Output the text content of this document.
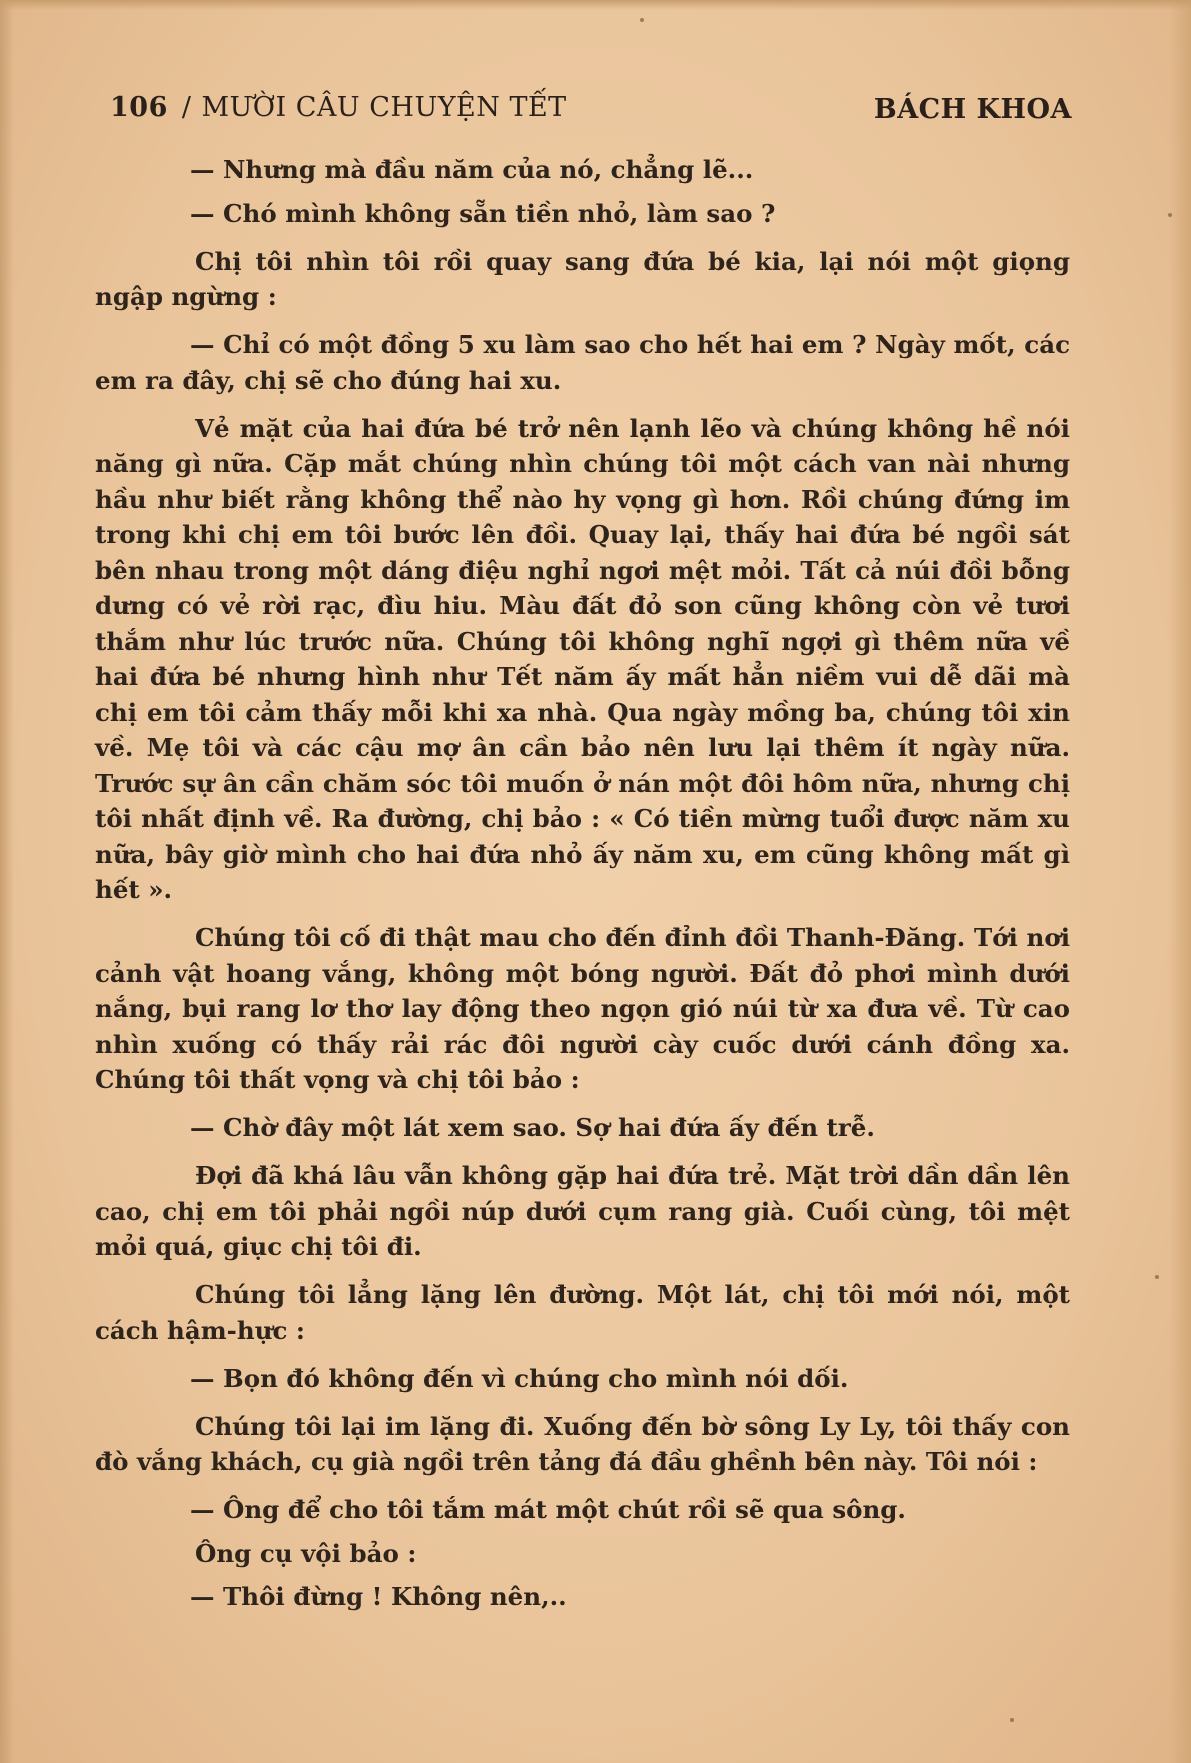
106 / MƯỜI CÂU CHUYỆN TẾT	BÁCH KHOA

— Nhưng mà đầu năm của nó, chẳng lẽ...

— Chó mình không sẵn tiền nhỏ, làm sao ?

Chị tôi nhìn tôi rồi quay sang đứa bé kia, lại nói một giọng ngập ngừng :

— Chỉ có một đồng 5 xu làm sao cho hết hai em ? Ngày mốt, các em ra đây, chị sẽ cho đúng hai xu.

Vẻ mặt của hai đứa bé trở nên lạnh lẽo và chúng không hề nói năng gì nữa. Cặp mắt chúng nhìn chúng tôi một cách van nài nhưng hầu như biết rằng không thể nào hy vọng gì hơn. Rồi chúng đứng im trong khi chị em tôi bước lên đồi. Quay lại, thấy hai đứa bé ngồi sát bên nhau trong một dáng điệu nghỉ ngơi mệt mỏi. Tất cả núi đồi bỗng dưng có vẻ rời rạc, đìu hiu. Màu đất đỏ son cũng không còn vẻ tươi thắm như lúc trước nữa. Chúng tôi không nghĩ ngợi gì thêm nữa về hai đứa bé nhưng hình như Tết năm ấy mất hẳn niềm vui dễ dãi mà chị em tôi cảm thấy mỗi khi xa nhà. Qua ngày mồng ba, chúng tôi xin về. Mẹ tôi và các cậu mợ ân cần bảo nên lưu lại thêm ít ngày nữa. Trước sự ân cần chăm sóc tôi muốn ở nán một đôi hôm nữa, nhưng chị tôi nhất định về. Ra đường, chị bảo : « Có tiền mừng tuổi được năm xu nữa, bây giờ mình cho hai đứa nhỏ ấy năm xu, em cũng không mất gì hết ».

Chúng tôi cố đi thật mau cho đến đỉnh đồi Thanh-Đăng. Tới nơi cảnh vật hoang vắng, không một bóng người. Đất đỏ phơi mình dưới nắng, bụi rang lơ thơ lay động theo ngọn gió núi từ xa đưa về. Từ cao nhìn xuống có thấy rải rác đôi người cày cuốc dưới cánh đồng xa. Chúng tôi thất vọng và chị tôi bảo :

— Chờ đây một lát xem sao. Sợ hai đứa ấy đến trễ.

Đợi đã khá lâu vẫn không gặp hai đứa trẻ. Mặt trời dần dần lên cao, chị em tôi phải ngồi núp dưới cụm rang già. Cuối cùng, tôi mệt mỏi quá, giục chị tôi đi.

Chúng tôi lẳng lặng lên đường. Một lát, chị tôi mới nói, một cách hậm-hực :

— Bọn đó không đến vì chúng cho mình nói dối.

Chúng tôi lại im lặng đi. Xuống đến bờ sông Ly Ly, tôi thấy con đò vắng khách, cụ già ngồi trên tảng đá đầu ghềnh bên này. Tôi nói :

— Ông để cho tôi tắm mát một chút rồi sẽ qua sông.

Ông cụ vội bảo :

— Thôi đừng ! Không nên,..
